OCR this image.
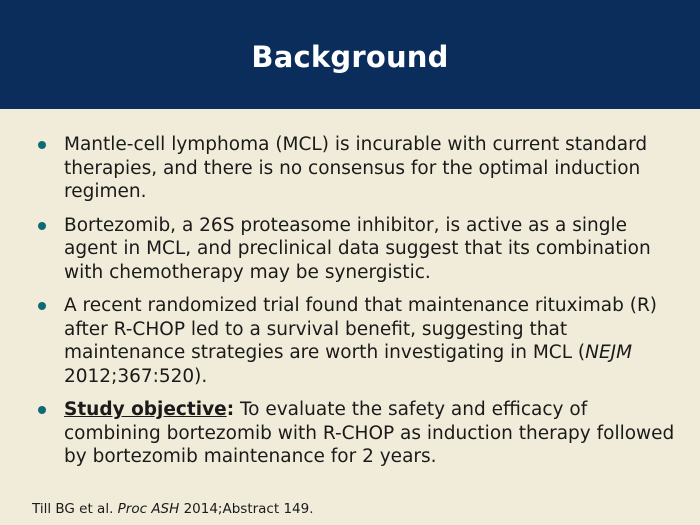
Background
Mantle-cell lymphoma (MCL) is incurable with current standard therapies, and there is no consensus for the optimal induction regimen.
Bortezomib, a 26S proteasome inhibitor, is active as a single agent in MCL, and preclinical data suggest that its combination with chemotherapy may be synergistic.
A recent randomized trial found that maintenance rituximab (R) after R-CHOP led to a survival benefit, suggesting that maintenance strategies are worth investigating in MCL (NEJM 2012;367:520).
Study objective: To evaluate the safety and efficacy of combining bortezomib with R-CHOP as induction therapy followed by bortezomib maintenance for 2 years.
Till BG et al. Proc ASH 2014;Abstract 149.
